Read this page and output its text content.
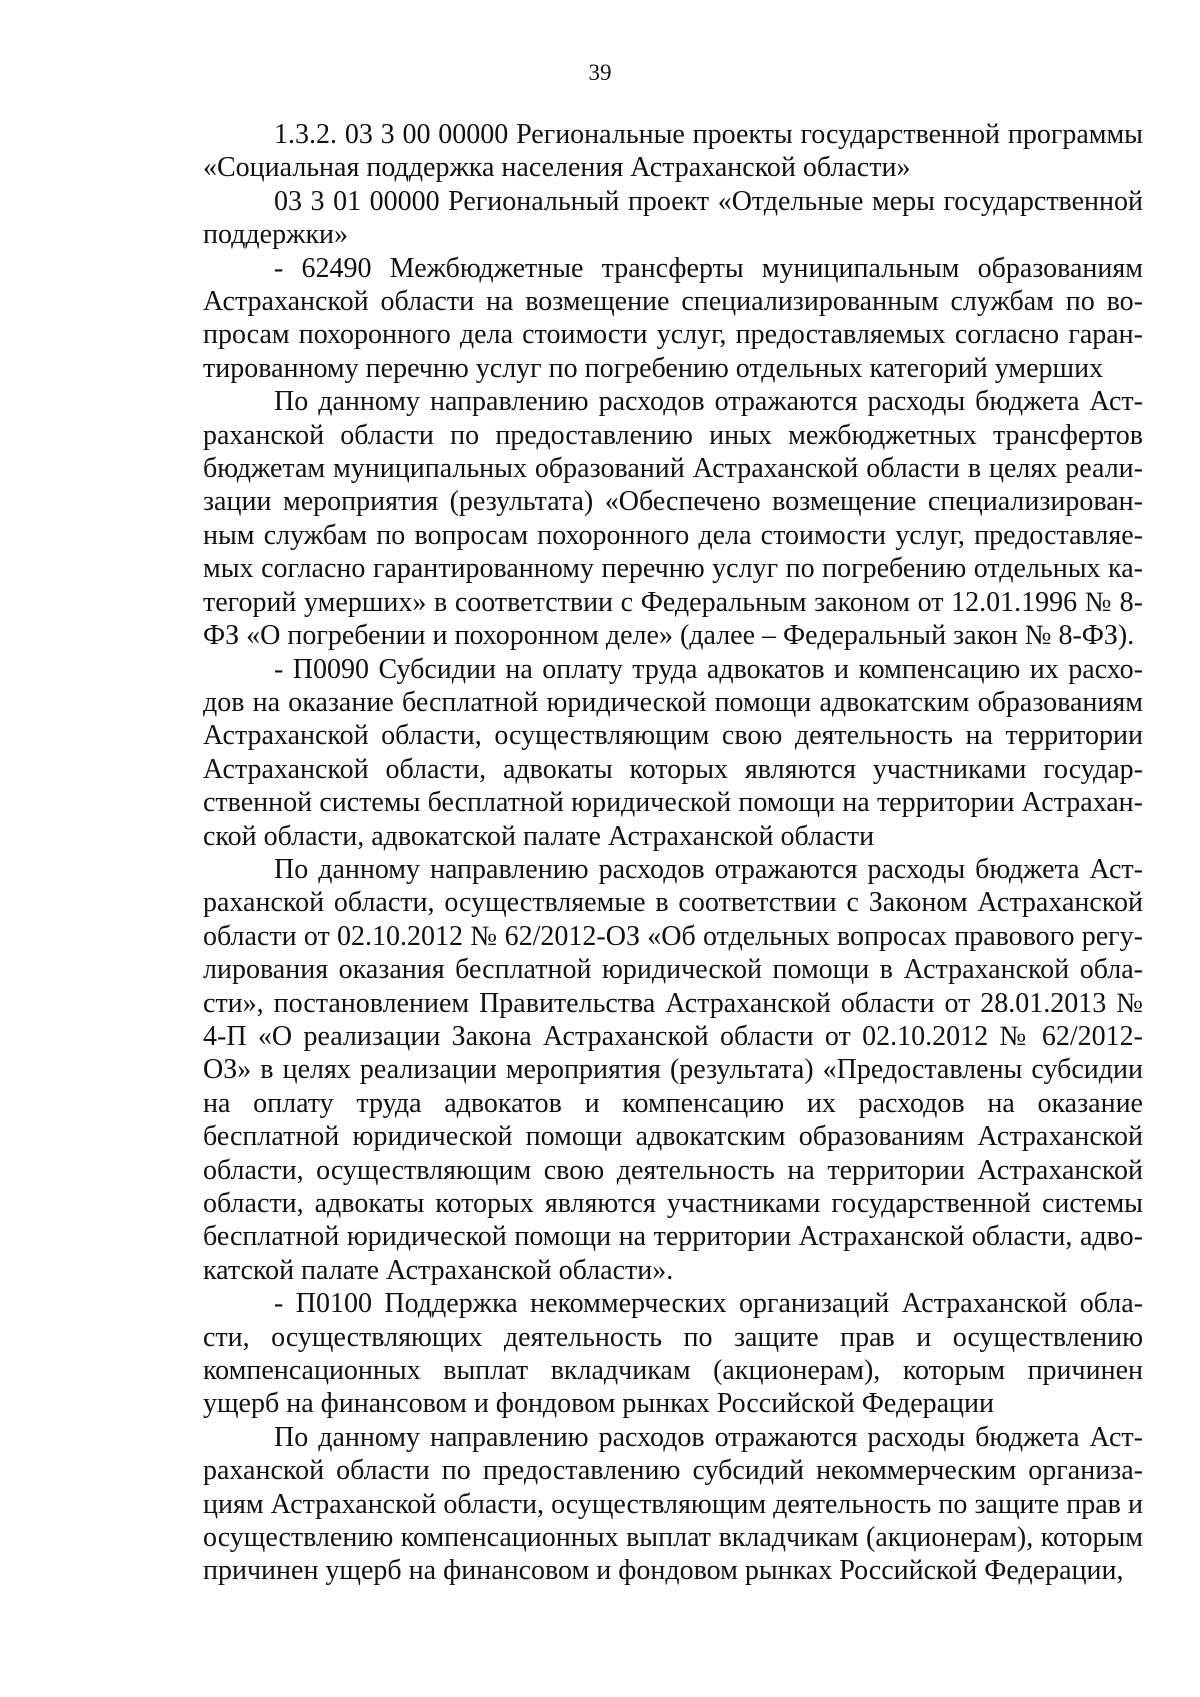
39

1.3.2. 03 3 00 00000 Региональные проекты государственной программы «Социальная поддержка населения Астраханской области»

03 3 01 00000 Региональный проект «Отдельные меры государственной поддержки»

- 62490 Межбюджетные трансферты муниципальным образованиям Астраханской области на возмещение специализированным службам по вопросам похоронного дела стоимости услуг, предоставляемых согласно гарантированному перечню услуг по погребению отдельных категорий умерших

По данному направлению расходов отражаются расходы бюджета Астраханской области по предоставлению иных межбюджетных трансфертов бюджетам муниципальных образований Астраханской области в целях реализации мероприятия (результата) «Обеспечено возмещение специализированным службам по вопросам похоронного дела стоимости услуг, предоставляемых согласно гарантированному перечню услуг по погребению отдельных категорий умерших» в соответствии с Федеральным законом от 12.01.1996 № 8-ФЗ «О погребении и похоронном деле» (далее – Федеральный закон № 8-ФЗ).

- П0090 Субсидии на оплату труда адвокатов и компенсацию их расходов на оказание бесплатной юридической помощи адвокатским образованиям Астраханской области, осуществляющим свою деятельность на территории Астраханской области, адвокаты которых являются участниками государственной системы бесплатной юридической помощи на территории Астраханской области, адвокатской палате Астраханской области

По данному направлению расходов отражаются расходы бюджета Астраханской области, осуществляемые в соответствии с Законом Астраханской области от 02.10.2012 № 62/2012-ОЗ «Об отдельных вопросах правового регулирования оказания бесплатной юридической помощи в Астраханской области», постановлением Правительства Астраханской области от 28.01.2013 № 4-П «О реализации Закона Астраханской области от 02.10.2012 № 62/2012-ОЗ» в целях реализации мероприятия (результата) «Предоставлены субсидии на оплату труда адвокатов и компенсацию их расходов на оказание бесплатной юридической помощи адвокатским образованиям Астраханской области, осуществляющим свою деятельность на территории Астраханской области, адвокаты которых являются участниками государственной системы бесплатной юридической помощи на территории Астраханской области, адвокатской палате Астраханской области».

- П0100 Поддержка некоммерческих организаций Астраханской области, осуществляющих деятельность по защите прав и осуществлению компенсационных выплат вкладчикам (акционерам), которым причинен ущерб на финансовом и фондовом рынках Российской Федерации

По данному направлению расходов отражаются расходы бюджета Астраханской области по предоставлению субсидий некоммерческим организациям Астраханской области, осуществляющим деятельность по защите прав и осуществлению компенсационных выплат вкладчикам (акционерам), которым причинен ущерб на финансовом и фондовом рынках Российской Федерации,
